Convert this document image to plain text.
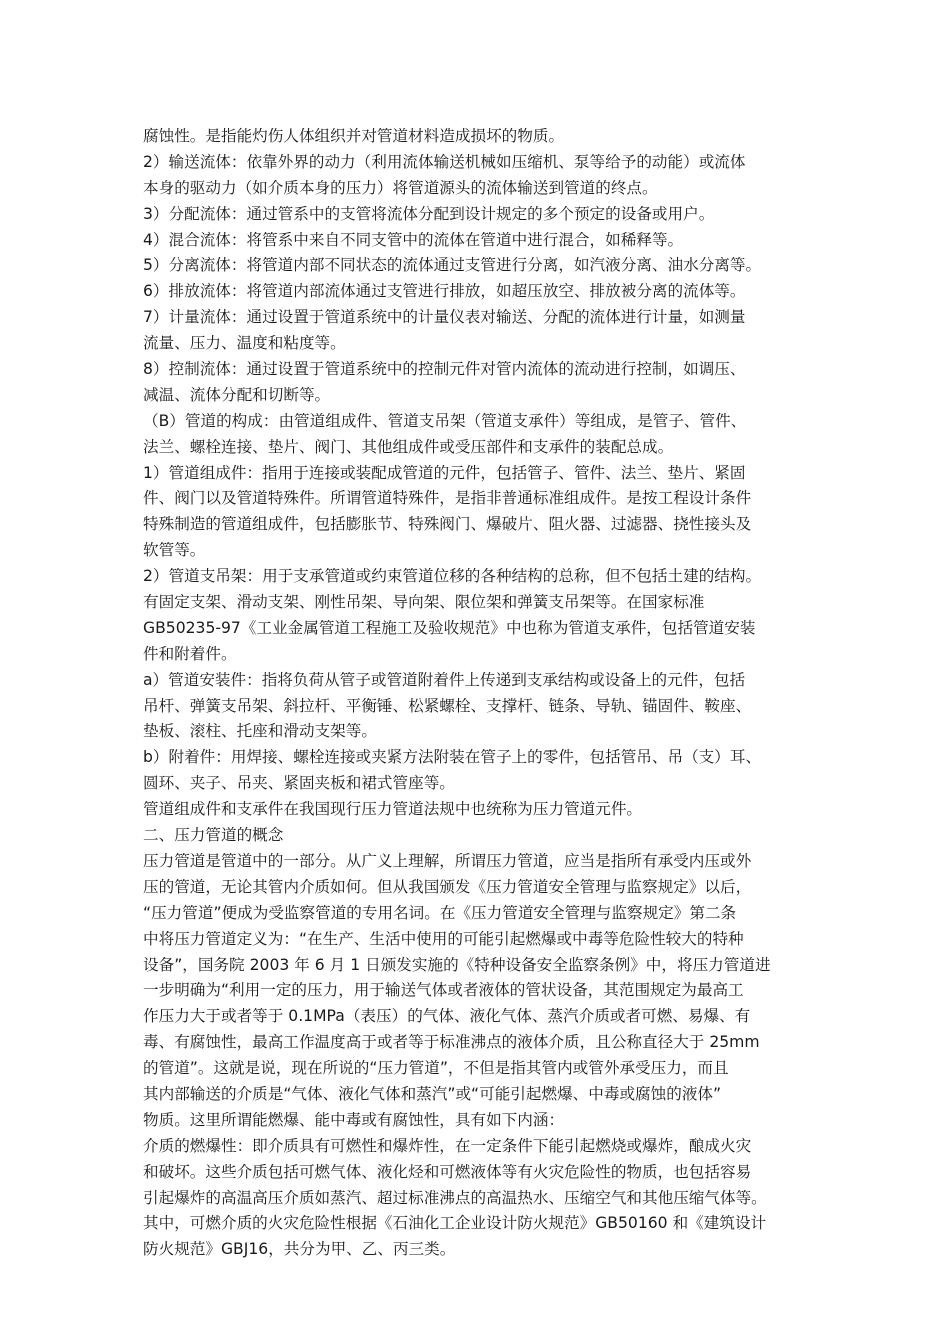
腐蚀性。是指能灼伤人体组织并对管道材料造成损坏的物质。
2）输送流体：依靠外界的动力（利用流体输送机械如压缩机、泵等给予的动能）或流体
本身的驱动力（如介质本身的压力）将管道源头的流体输送到管道的终点。
3）分配流体：通过管系中的支管将流体分配到设计规定的多个预定的设备或用户。
4）混合流体：将管系中来自不同支管中的流体在管道中进行混合，如稀释等。
5）分离流体：将管道内部不同状态的流体通过支管进行分离，如汽液分离、油水分离等。
6）排放流体：将管道内部流体通过支管进行排放，如超压放空、排放被分离的流体等。
7）计量流体：通过设置于管道系统中的计量仪表对输送、分配的流体进行计量，如测量
流量、压力、温度和粘度等。
8）控制流体：通过设置于管道系统中的控制元件对管内流体的流动进行控制，如调压、
减温、流体分配和切断等。
（B）管道的构成：由管道组成件、管道支吊架（管道支承件）等组成，是管子、管件、
法兰、螺栓连接、垫片、阀门、其他组成件或受压部件和支承件的装配总成。
1）管道组成件：指用于连接或装配成管道的元件，包括管子、管件、法兰、垫片、紧固
件、阀门以及管道特殊件。所谓管道特殊件，是指非普通标准组成件。是按工程设计条件
特殊制造的管道组成件，包括膨胀节、特殊阀门、爆破片、阻火器、过滤器、挠性接头及
软管等。
2）管道支吊架：用于支承管道或约束管道位移的各种结构的总称，但不包括土建的结构。
有固定支架、滑动支架、刚性吊架、导向架、限位架和弹簧支吊架等。在国家标准
GB50235-97《工业金属管道工程施工及验收规范》中也称为管道支承件，包括管道安装
件和附着件。
a）管道安装件：指将负荷从管子或管道附着件上传递到支承结构或设备上的元件，包括
吊杆、弹簧支吊架、斜拉杆、平衡锤、松紧螺栓、支撑杆、链条、导轨、锚固件、鞍座、
垫板、滚柱、托座和滑动支架等。
b）附着件：用焊接、螺栓连接或夹紧方法附装在管子上的零件，包括管吊、吊（支）耳、
圆环、夹子、吊夹、紧固夹板和裙式管座等。
管道组成件和支承件在我国现行压力管道法规中也统称为压力管道元件。
二、压力管道的概念
压力管道是管道中的一部分。从广义上理解，所谓压力管道，应当是指所有承受内压或外
压的管道，无论其管内介质如何。但从我国颁发《压力管道安全管理与监察规定》以后，
“压力管道”便成为受监察管道的专用名词。在《压力管道安全管理与监察规定》第二条
中将压力管道定义为：“在生产、生活中使用的可能引起燃爆或中毒等危险性较大的特种
设备”，国务院 2003 年 6 月 1 日颁发实施的《特种设备安全监察条例》中，将压力管道进
一步明确为“利用一定的压力，用于输送气体或者液体的管状设备，其范围规定为最高工
作压力大于或者等于 0.1MPa（表压）的气体、液化气体、蒸汽介质或者可燃、易爆、有
毒、有腐蚀性，最高工作温度高于或者等于标准沸点的液体介质，且公称直径大于 25mm
的管道”。这就是说，现在所说的“压力管道”，不但是指其管内或管外承受压力，而且
其内部输送的介质是“气体、液化气体和蒸汽”或“可能引起燃爆、中毒或腐蚀的液体”
物质。这里所谓能燃爆、能中毒或有腐蚀性，具有如下内涵：
介质的燃爆性：即介质具有可燃性和爆炸性，在一定条件下能引起燃烧或爆炸，酿成火灾
和破坏。这些介质包括可燃气体、液化烃和可燃液体等有火灾危险性的物质，也包括容易
引起爆炸的高温高压介质如蒸汽、超过标准沸点的高温热水、压缩空气和其他压缩气体等。
其中，可燃介质的火灾危险性根据《石油化工企业设计防火规范》GB50160 和《建筑设计
防火规范》GBJ16，共分为甲、乙、丙三类。
